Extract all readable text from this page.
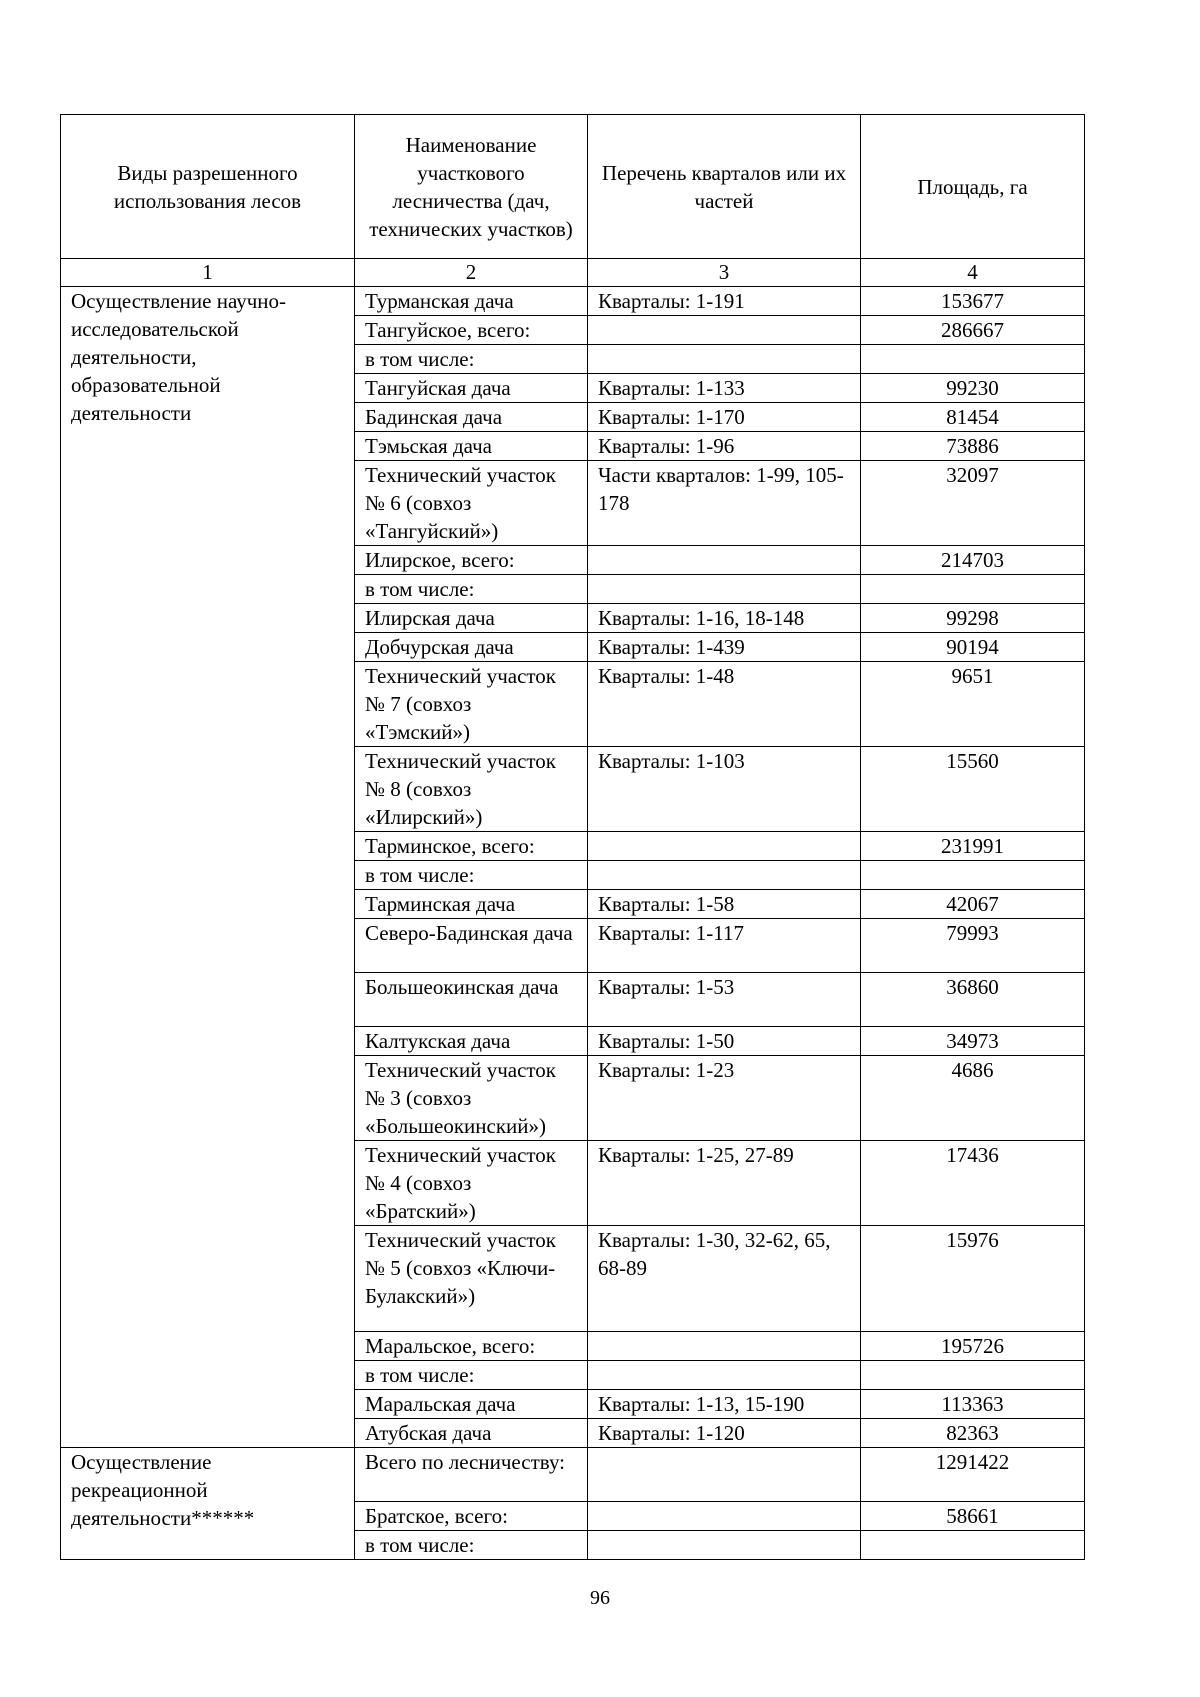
Виды разрешенного использования лесов	Наименование участкового лесничества (дач, технических участков)	Перечень кварталов или их частей	Площадь, га
1	2	3	4
Осуществление научно-исследовательской деятельности, образовательной деятельности	Турманская дача	Кварталы: 1-191	153677
	Тангуйское, всего:		286667
	в том числе:		
	Тангуйская дача	Кварталы: 1-133	99230
	Бадинская дача	Кварталы: 1-170	81454
	Тэмьская дача	Кварталы: 1-96	73886
	Технический участок № 6 (совхоз «Тангуйский»)	Части кварталов: 1-99, 105-178	32097
	Илирское, всего:		214703
	в том числе:		
	Илирская дача	Кварталы: 1-16, 18-148	99298
	Добчурская дача	Кварталы: 1-439	90194
	Технический участок № 7 (совхоз «Тэмский»)	Кварталы: 1-48	9651
	Технический участок № 8 (совхоз «Илирский»)	Кварталы: 1-103	15560
	Тарминское, всего:		231991
	в том числе:		
	Тарминская дача	Кварталы: 1-58	42067
	Северо-Бадинская дача	Кварталы: 1-117	79993
	Большеокинская дача	Кварталы: 1-53	36860
	Калтукская дача	Кварталы: 1-50	34973
	Технический участок № 3 (совхоз «Большеокинский»)	Кварталы: 1-23	4686
	Технический участок № 4 (совхоз «Братский»)	Кварталы: 1-25, 27-89	17436
	Технический участок № 5 (совхоз «Ключи-Булакский»)	Кварталы: 1-30, 32-62, 65, 68-89	15976
	Маральское, всего:		195726
	в том числе:		
	Маральская дача	Кварталы: 1-13, 15-190	113363
	Атубская дача	Кварталы: 1-120	82363
Осуществление рекреационной деятельности******	Всего по лесничеству:		1291422
	Братское, всего:		58661
	в том числе:		
96
